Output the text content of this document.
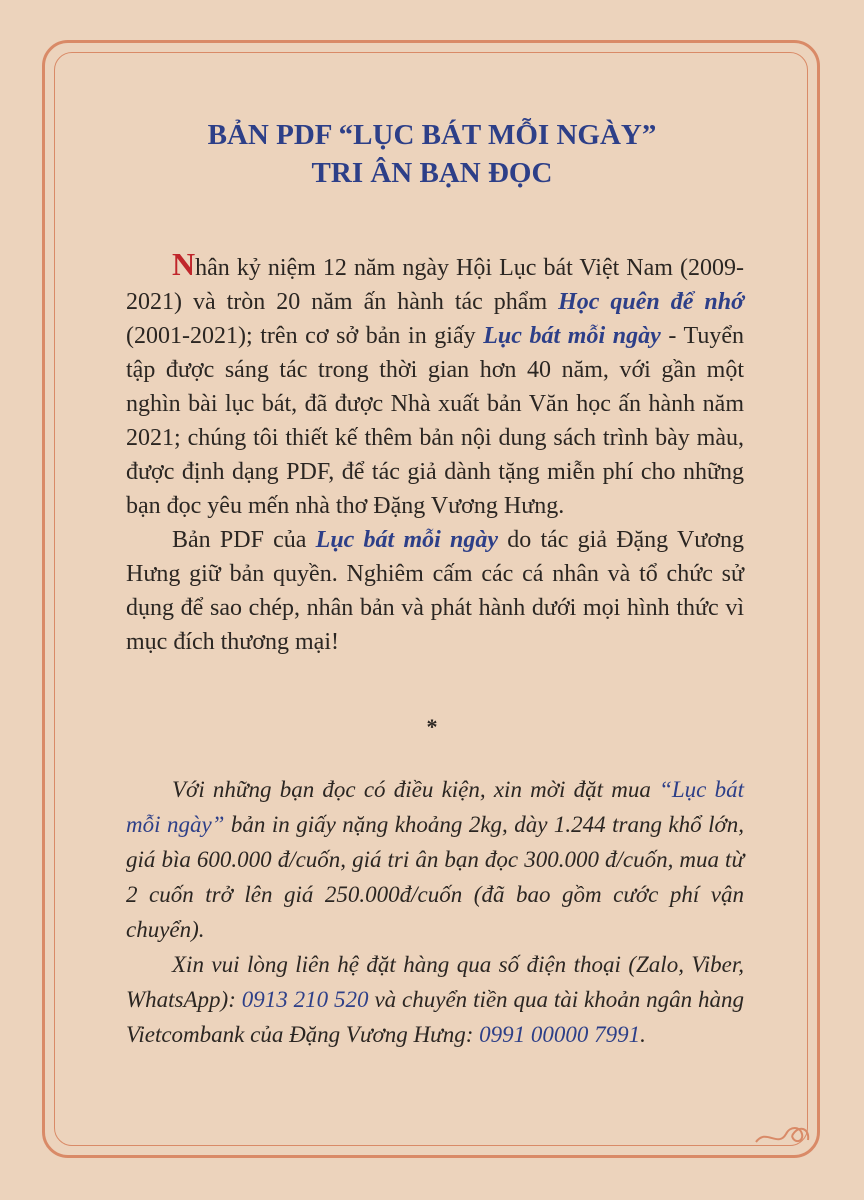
BẢN PDF “LỤC BÁT MỖI NGÀY”
TRI ÂN BẠN ĐỌC

Nhân kỷ niệm 12 năm ngày Hội Lục bát Việt Nam (2009-2021) và tròn 20 năm ấn hành tác phẩm Học quên để nhớ (2001-2021); trên cơ sở bản in giấy Lục bát mỗi ngày - Tuyển tập được sáng tác trong thời gian hơn 40 năm, với gần một nghìn bài lục bát, đã được Nhà xuất bản Văn học ấn hành năm 2021; chúng tôi thiết kế thêm bản nội dung sách trình bày màu, được định dạng PDF, để tác giả dành tặng miễn phí cho những bạn đọc yêu mến nhà thơ Đặng Vương Hưng.

Bản PDF của Lục bát mỗi ngày do tác giả Đặng Vương Hưng giữ bản quyền. Nghiêm cấm các cá nhân và tổ chức sử dụng để sao chép, nhân bản và phát hành dưới mọi hình thức vì mục đích thương mại!

*

Với những bạn đọc có điều kiện, xin mời đặt mua “Lục bát mỗi ngày” bản in giấy nặng khoảng 2kg, dày 1.244 trang khổ lớn, giá bìa 600.000 đ/cuốn, giá tri ân bạn đọc 300.000 đ/cuốn, mua từ 2 cuốn trở lên giá 250.000đ/cuốn (đã bao gồm cước phí vận chuyển).

Xin vui lòng liên hệ đặt hàng qua số điện thoại (Zalo, Viber, WhatsApp): 0913 210 520 và chuyển tiền qua tài khoản ngân hàng Vietcombank của Đặng Vương Hưng: 0991 00000 7991.
